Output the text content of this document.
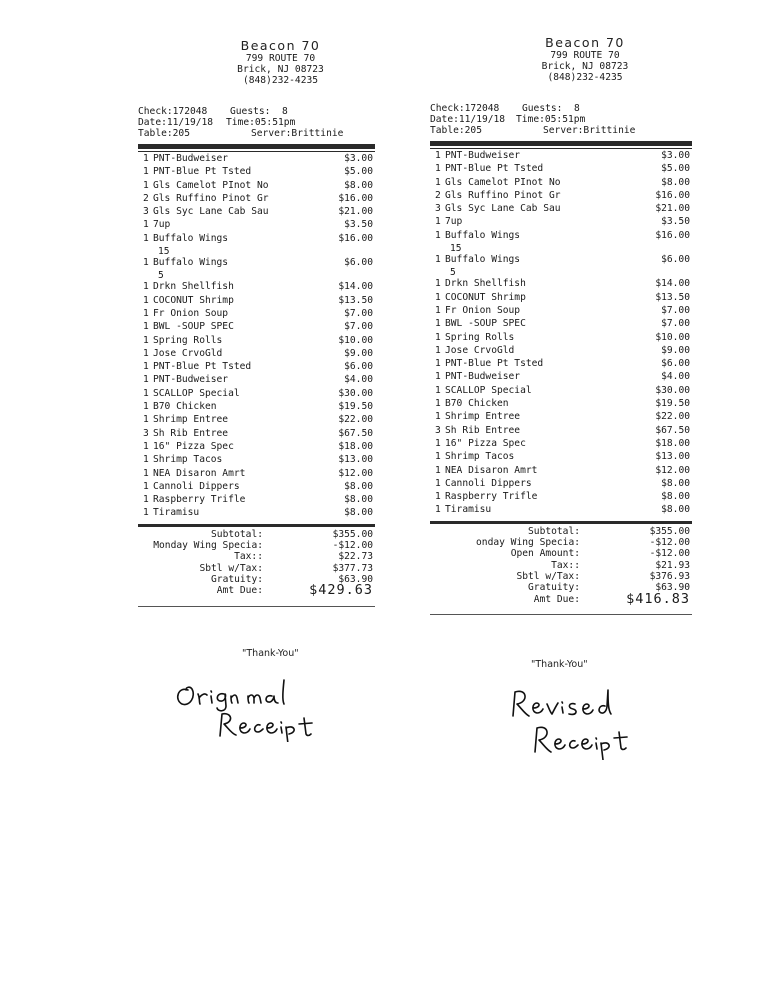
Beacon 70
799 ROUTE 70
Brick, NJ 08723
(848)232-4235
Check:172048 Guests:  8
Date:11/19/18 Time:05:51pm
Table:205	Server:Brittinie
1 PNT-Budweiser	$3.00
1 PNT-Blue Pt Tsted	$5.00
1 Gls Camelot PInot No	$8.00
2 Gls Ruffino Pinot Gr	$16.00
3 Gls Syc Lane Cab Sau	$21.00
1 7up	$3.50
1 Buffalo Wings	$16.00
15
1 Buffalo Wings	$6.00
5
1 Drkn Shellfish	$14.00
1 COCONUT Shrimp	$13.50
1 Fr Onion Soup	$7.00
1 BWL -SOUP SPEC	$7.00
1 Spring Rolls	$10.00
1 Jose CrvoGld	$9.00
1 PNT-Blue Pt Tsted	$6.00
1 PNT-Budweiser	$4.00
1 SCALLOP Special	$30.00
1 B70 Chicken	$19.50
1 Shrimp Entree	$22.00
3 Sh Rib Entree	$67.50
1 16" Pizza Spec	$18.00
1 Shrimp Tacos	$13.00
1 NEA Disaron Amrt	$12.00
1 Cannoli Dippers	$8.00
1 Raspberry Trifle	$8.00
1 Tiramisu	$8.00
Subtotal:	$355.00
Monday Wing Specia:	-$12.00
Tax::	$22.73
Sbtl w/Tax:	$377.73
Gratuity:	$63.90
Amt Due:	$429.63
Beacon 70
799 ROUTE 70
Brick, NJ 08723
(848)232-4235
Check:172048 Guests:  8
Date:11/19/18 Time:05:51pm
Table:205	Server:Brittinie
1 PNT-Budweiser	$3.00
1 PNT-Blue Pt Tsted	$5.00
1 Gls Camelot PInot No	$8.00
2 Gls Ruffino Pinot Gr	$16.00
3 Gls Syc Lane Cab Sau	$21.00
1 7up	$3.50
1 Buffalo Wings	$16.00
15
1 Buffalo Wings	$6.00
5
1 Drkn Shellfish	$14.00
1 COCONUT Shrimp	$13.50
1 Fr Onion Soup	$7.00
1 BWL -SOUP SPEC	$7.00
1 Spring Rolls	$10.00
1 Jose CrvoGld	$9.00
1 PNT-Blue Pt Tsted	$6.00
1 PNT-Budweiser	$4.00
1 SCALLOP Special	$30.00
1 B70 Chicken	$19.50
1 Shrimp Entree	$22.00
3 Sh Rib Entree	$67.50
1 16" Pizza Spec	$18.00
1 Shrimp Tacos	$13.00
1 NEA Disaron Amrt	$12.00
1 Cannoli Dippers	$8.00
1 Raspberry Trifle	$8.00
1 Tiramisu	$8.00
Subtotal:	$355.00
onday Wing Specia:	-$12.00
Open Amount:	-$12.00
Tax::	$21.93
Sbtl w/Tax:	$376.93
Gratuity:	$63.90
Amt Due:	$416.83
"Thank-You"
"Thank-You"
